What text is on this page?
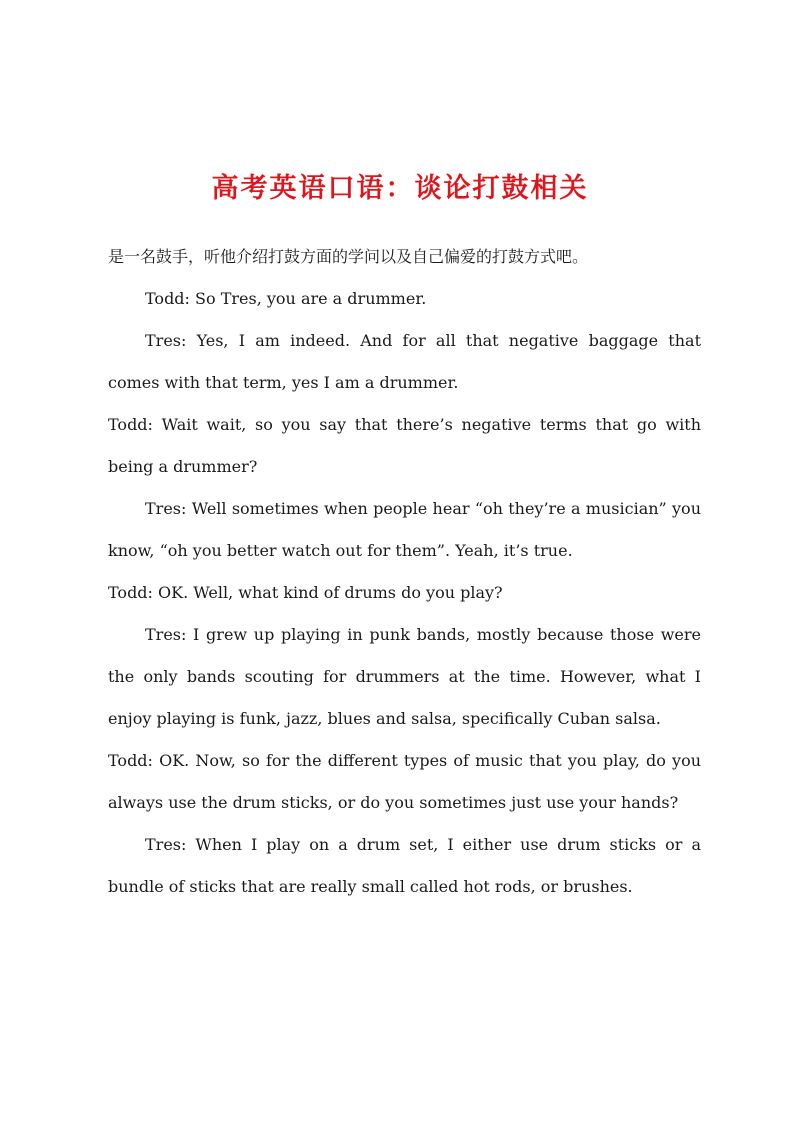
高考英语口语：谈论打鼓相关

是一名鼓手，听他介绍打鼓方面的学问以及自己偏爱的打鼓方式吧。

Todd: So Tres, you are a drummer.

Tres: Yes, I am indeed. And for all that negative baggage that comes with that term, yes I am a drummer.

Todd: Wait wait, so you say that there’s negative terms that go with being a drummer?

Tres: Well sometimes when people hear “oh they’re a musician” you know, “oh you better watch out for them”. Yeah, it’s true.

Todd: OK. Well, what kind of drums do you play?

Tres: I grew up playing in punk bands, mostly because those were the only bands scouting for drummers at the time. However, what I enjoy playing is funk, jazz, blues and salsa, specifically Cuban salsa.

Todd: OK. Now, so for the different types of music that you play, do you always use the drum sticks, or do you sometimes just use your hands?

Tres: When I play on a drum set, I either use drum sticks or a bundle of sticks that are really small called hot rods, or brushes.
